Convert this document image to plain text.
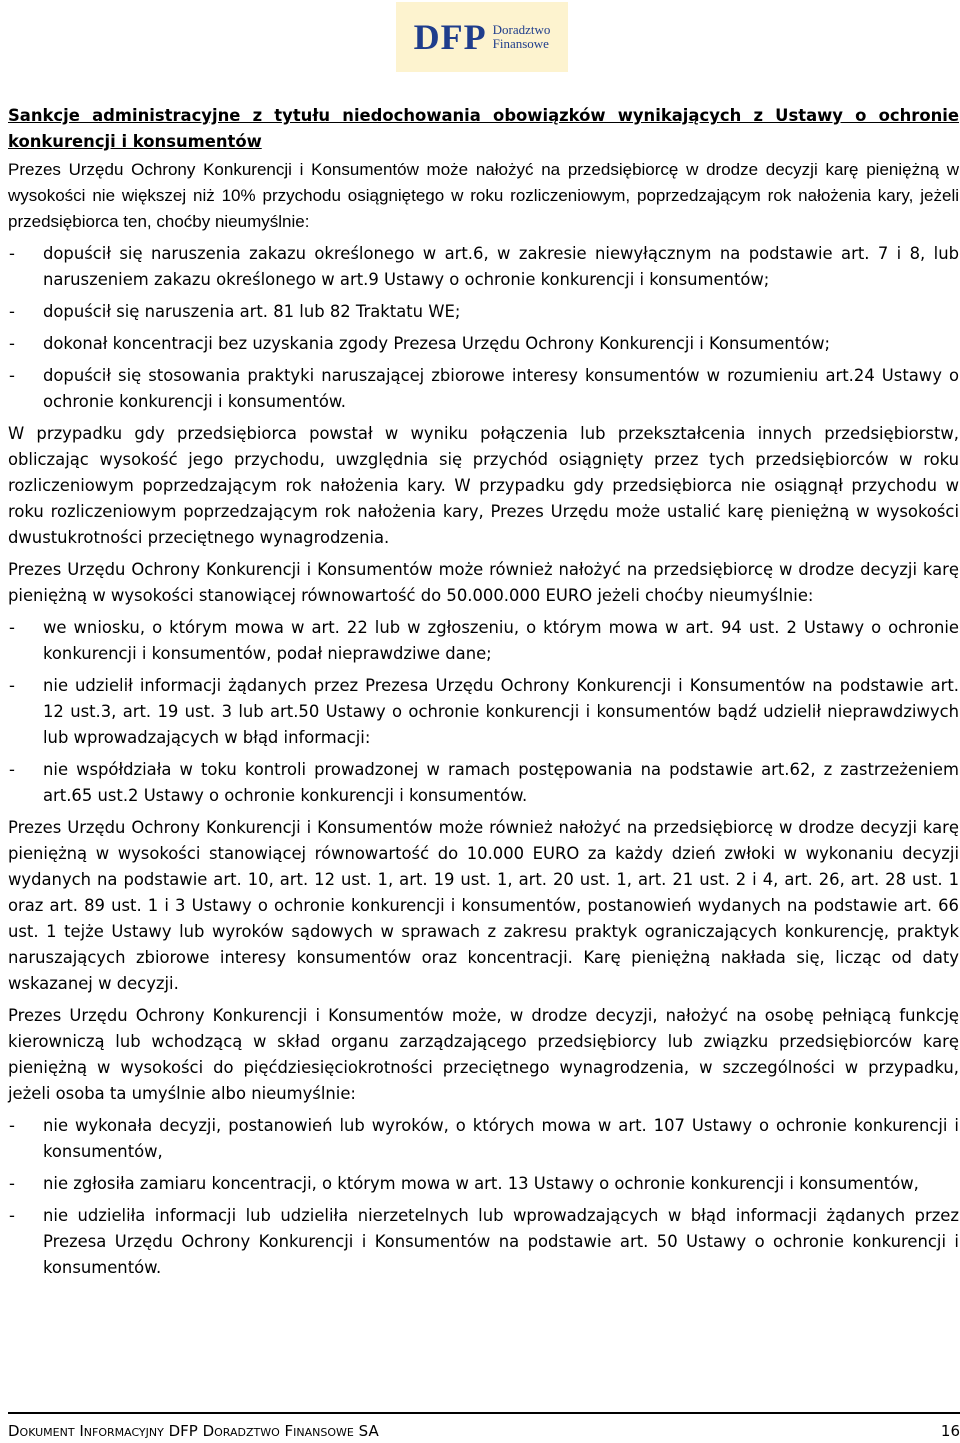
DFP Doradztwo
Finansowe
Sankcje administracyjne z tytułu niedochowania obowiązków wynikających z Ustawy o ochronie konkurencji i konsumentów

Prezes Urzędu Ochrony Konkurencji i Konsumentów może nałożyć na przedsiębiorcę w drodze decyzji karę pieniężną w wysokości nie większej niż 10% przychodu osiągniętego w roku rozliczeniowym, poprzedzającym rok nałożenia kary, jeżeli przedsiębiorca ten, choćby nieumyślnie:

- dopuścił się naruszenia zakazu określonego w art.6, w zakresie niewyłącznym na podstawie art. 7 i 8, lub naruszeniem zakazu określonego w art.9 Ustawy o ochronie konkurencji i konsumentów;
- dopuścił się naruszenia art. 81 lub 82 Traktatu WE;
- dokonał koncentracji bez uzyskania zgody Prezesa Urzędu Ochrony Konkurencji i Konsumentów;
- dopuścił się stosowania praktyki naruszającej zbiorowe interesy konsumentów w rozumieniu art.24 Ustawy o ochronie konkurencji i konsumentów.

W przypadku gdy przedsiębiorca powstał w wyniku połączenia lub przekształcenia innych przedsiębiorstw, obliczając wysokość jego przychodu, uwzględnia się przychód osiągnięty przez tych przedsiębiorców w roku rozliczeniowym poprzedzającym rok nałożenia kary. W przypadku gdy przedsiębiorca nie osiągnął przychodu w roku rozliczeniowym poprzedzającym rok nałożenia kary, Prezes Urzędu może ustalić karę pieniężną w wysokości dwustukrotności przeciętnego wynagrodzenia.

Prezes Urzędu Ochrony Konkurencji i Konsumentów może również nałożyć na przedsiębiorcę w drodze decyzji karę pieniężną w wysokości stanowiącej równowartość do 50.000.000 EURO jeżeli choćby nieumyślnie:

- we wniosku, o którym mowa w art. 22 lub w zgłoszeniu, o którym mowa w art. 94 ust. 2 Ustawy o ochronie konkurencji i konsumentów, podał nieprawdziwe dane;
- nie udzielił informacji żądanych przez Prezesa Urzędu Ochrony Konkurencji i Konsumentów na podstawie art. 12 ust.3, art. 19 ust. 3 lub art.50 Ustawy o ochronie konkurencji i konsumentów bądź udzielił nieprawdziwych lub wprowadzających w błąd informacji:
- nie współdziała w toku kontroli prowadzonej w ramach postępowania na podstawie art.62, z zastrzeżeniem art.65 ust.2 Ustawy o ochronie konkurencji i konsumentów.

Prezes Urzędu Ochrony Konkurencji i Konsumentów może również nałożyć na przedsiębiorcę w drodze decyzji karę pieniężną w wysokości stanowiącej równowartość do 10.000 EURO za każdy dzień zwłoki w wykonaniu decyzji wydanych na podstawie art. 10, art. 12 ust. 1, art. 19 ust. 1, art. 20 ust. 1, art. 21 ust. 2 i 4, art. 26, art. 28 ust. 1 oraz art. 89 ust. 1 i 3 Ustawy o ochronie konkurencji i konsumentów, postanowień wydanych na podstawie art. 66 ust. 1 tejże Ustawy lub wyroków sądowych w sprawach z zakresu praktyk ograniczających konkurencję, praktyk naruszających zbiorowe interesy konsumentów oraz koncentracji. Karę pieniężną nakłada się, licząc od daty wskazanej w decyzji.

Prezes Urzędu Ochrony Konkurencji i Konsumentów może, w drodze decyzji, nałożyć na osobę pełniącą funkcję kierowniczą lub wchodzącą w skład organu zarządzającego przedsiębiorcy lub związku przedsiębiorców karę pieniężną w wysokości do pięćdziesięciokrotności przeciętnego wynagrodzenia, w szczególności w przypadku, jeżeli osoba ta umyślnie albo nieumyślnie:

- nie wykonała decyzji, postanowień lub wyroków, o których mowa w art. 107 Ustawy o ochronie konkurencji i konsumentów,
- nie zgłosiła zamiaru koncentracji, o którym mowa w art. 13 Ustawy o ochronie konkurencji i konsumentów,
- nie udzieliła informacji lub udzieliła nierzetelnych lub wprowadzających w błąd informacji żądanych przez Prezesa Urzędu Ochrony Konkurencji i Konsumentów na podstawie art. 50 Ustawy o ochronie konkurencji i konsumentów.
Dokument Informacyjny DFP Doradztwo Finansowe SA	16
